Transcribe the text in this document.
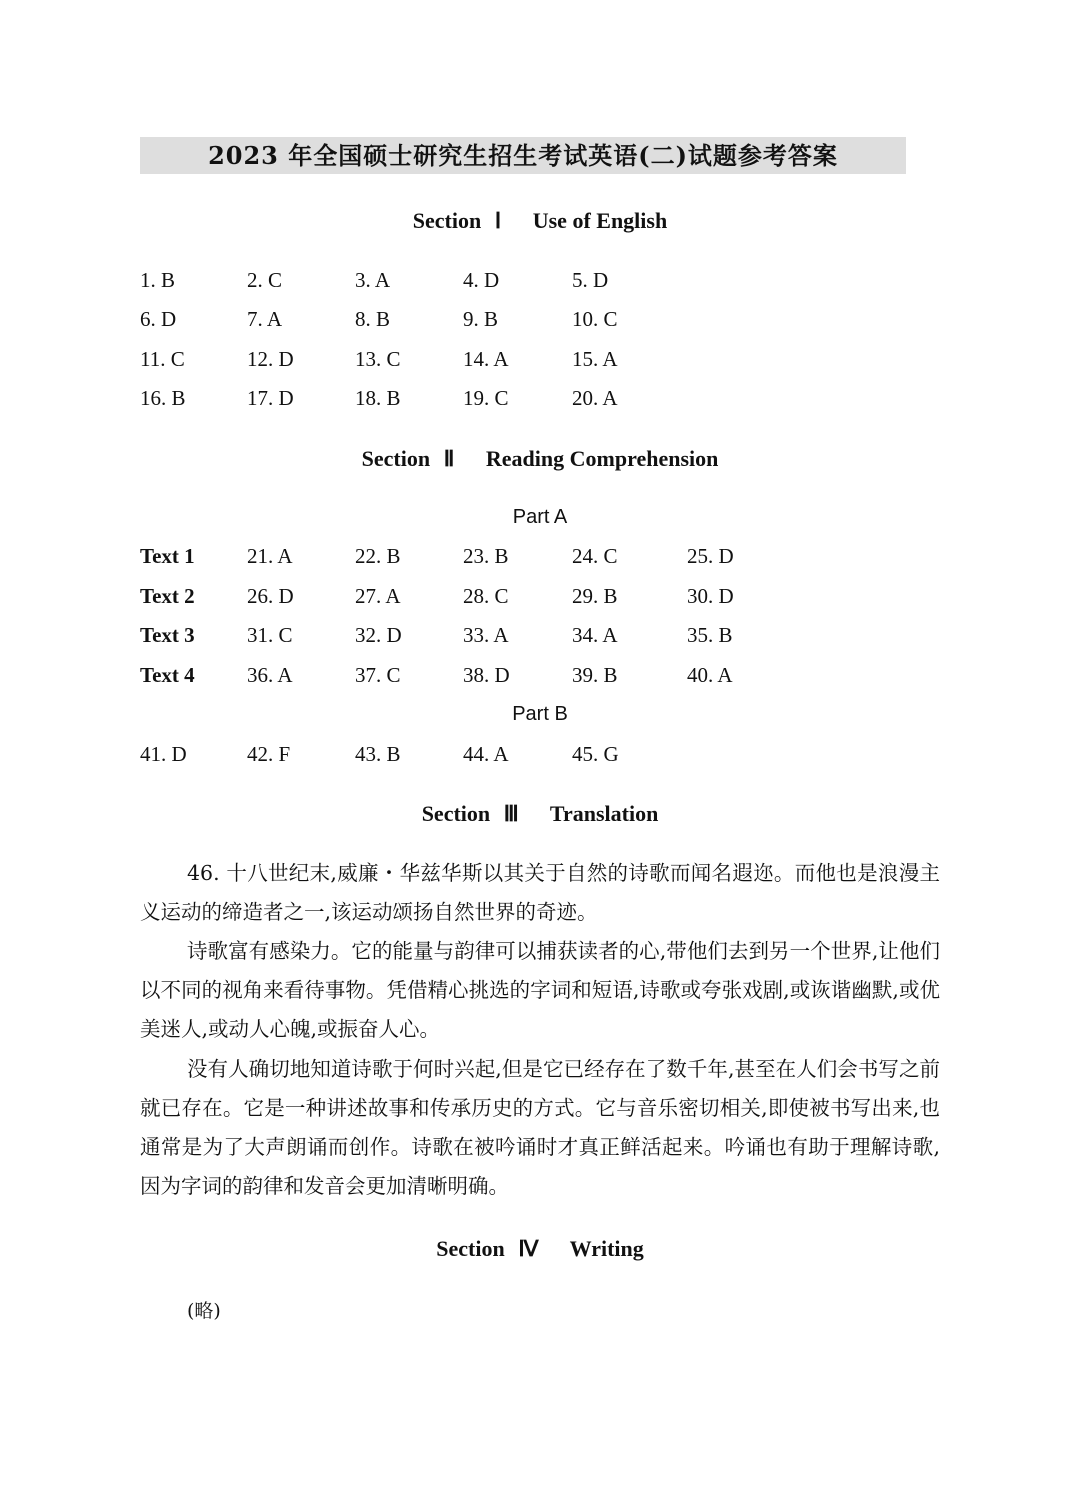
2023 年全国硕士研究生招生考试英语(二)试题参考答案
Section Ⅰ Use of English
1. B	2. C	3. A	4. D	5. D
6. D	7. A	8. B	9. B	10. C
11. C	12. D	13. C	14. A	15. A
16. B	17. D	18. B	19. C	20. A
Section Ⅱ Reading Comprehension
Part A
Text 1 21. A	22. B	23. B	24. C	25. D
Text 2 26. D	27. A	28. C	29. B	30. D
Text 3 31. C	32. D	33. A	34. A	35. B
Text 4 36. A	37. C	38. D	39. B	40. A
Part B
41. D	42. F	43. B	44. A	45. G
Section Ⅲ Translation
46. 十八世纪末,威廉・华兹华斯以其关于自然的诗歌而闻名遐迩。而他也是浪漫主义运动的缔造者之一,该运动颂扬自然世界的奇迹。
诗歌富有感染力。它的能量与韵律可以捕获读者的心,带他们去到另一个世界,让他们以不同的视角来看待事物。凭借精心挑选的字词和短语,诗歌或夸张戏剧,或诙谐幽默,或优美迷人,或动人心魄,或振奋人心。
没有人确切地知道诗歌于何时兴起,但是它已经存在了数千年,甚至在人们会书写之前就已存在。它是一种讲述故事和传承历史的方式。它与音乐密切相关,即使被书写出来,也通常是为了大声朗诵而创作。诗歌在被吟诵时才真正鲜活起来。吟诵也有助于理解诗歌,因为字词的韵律和发音会更加清晰明确。
Section Ⅳ Writing
(略)
